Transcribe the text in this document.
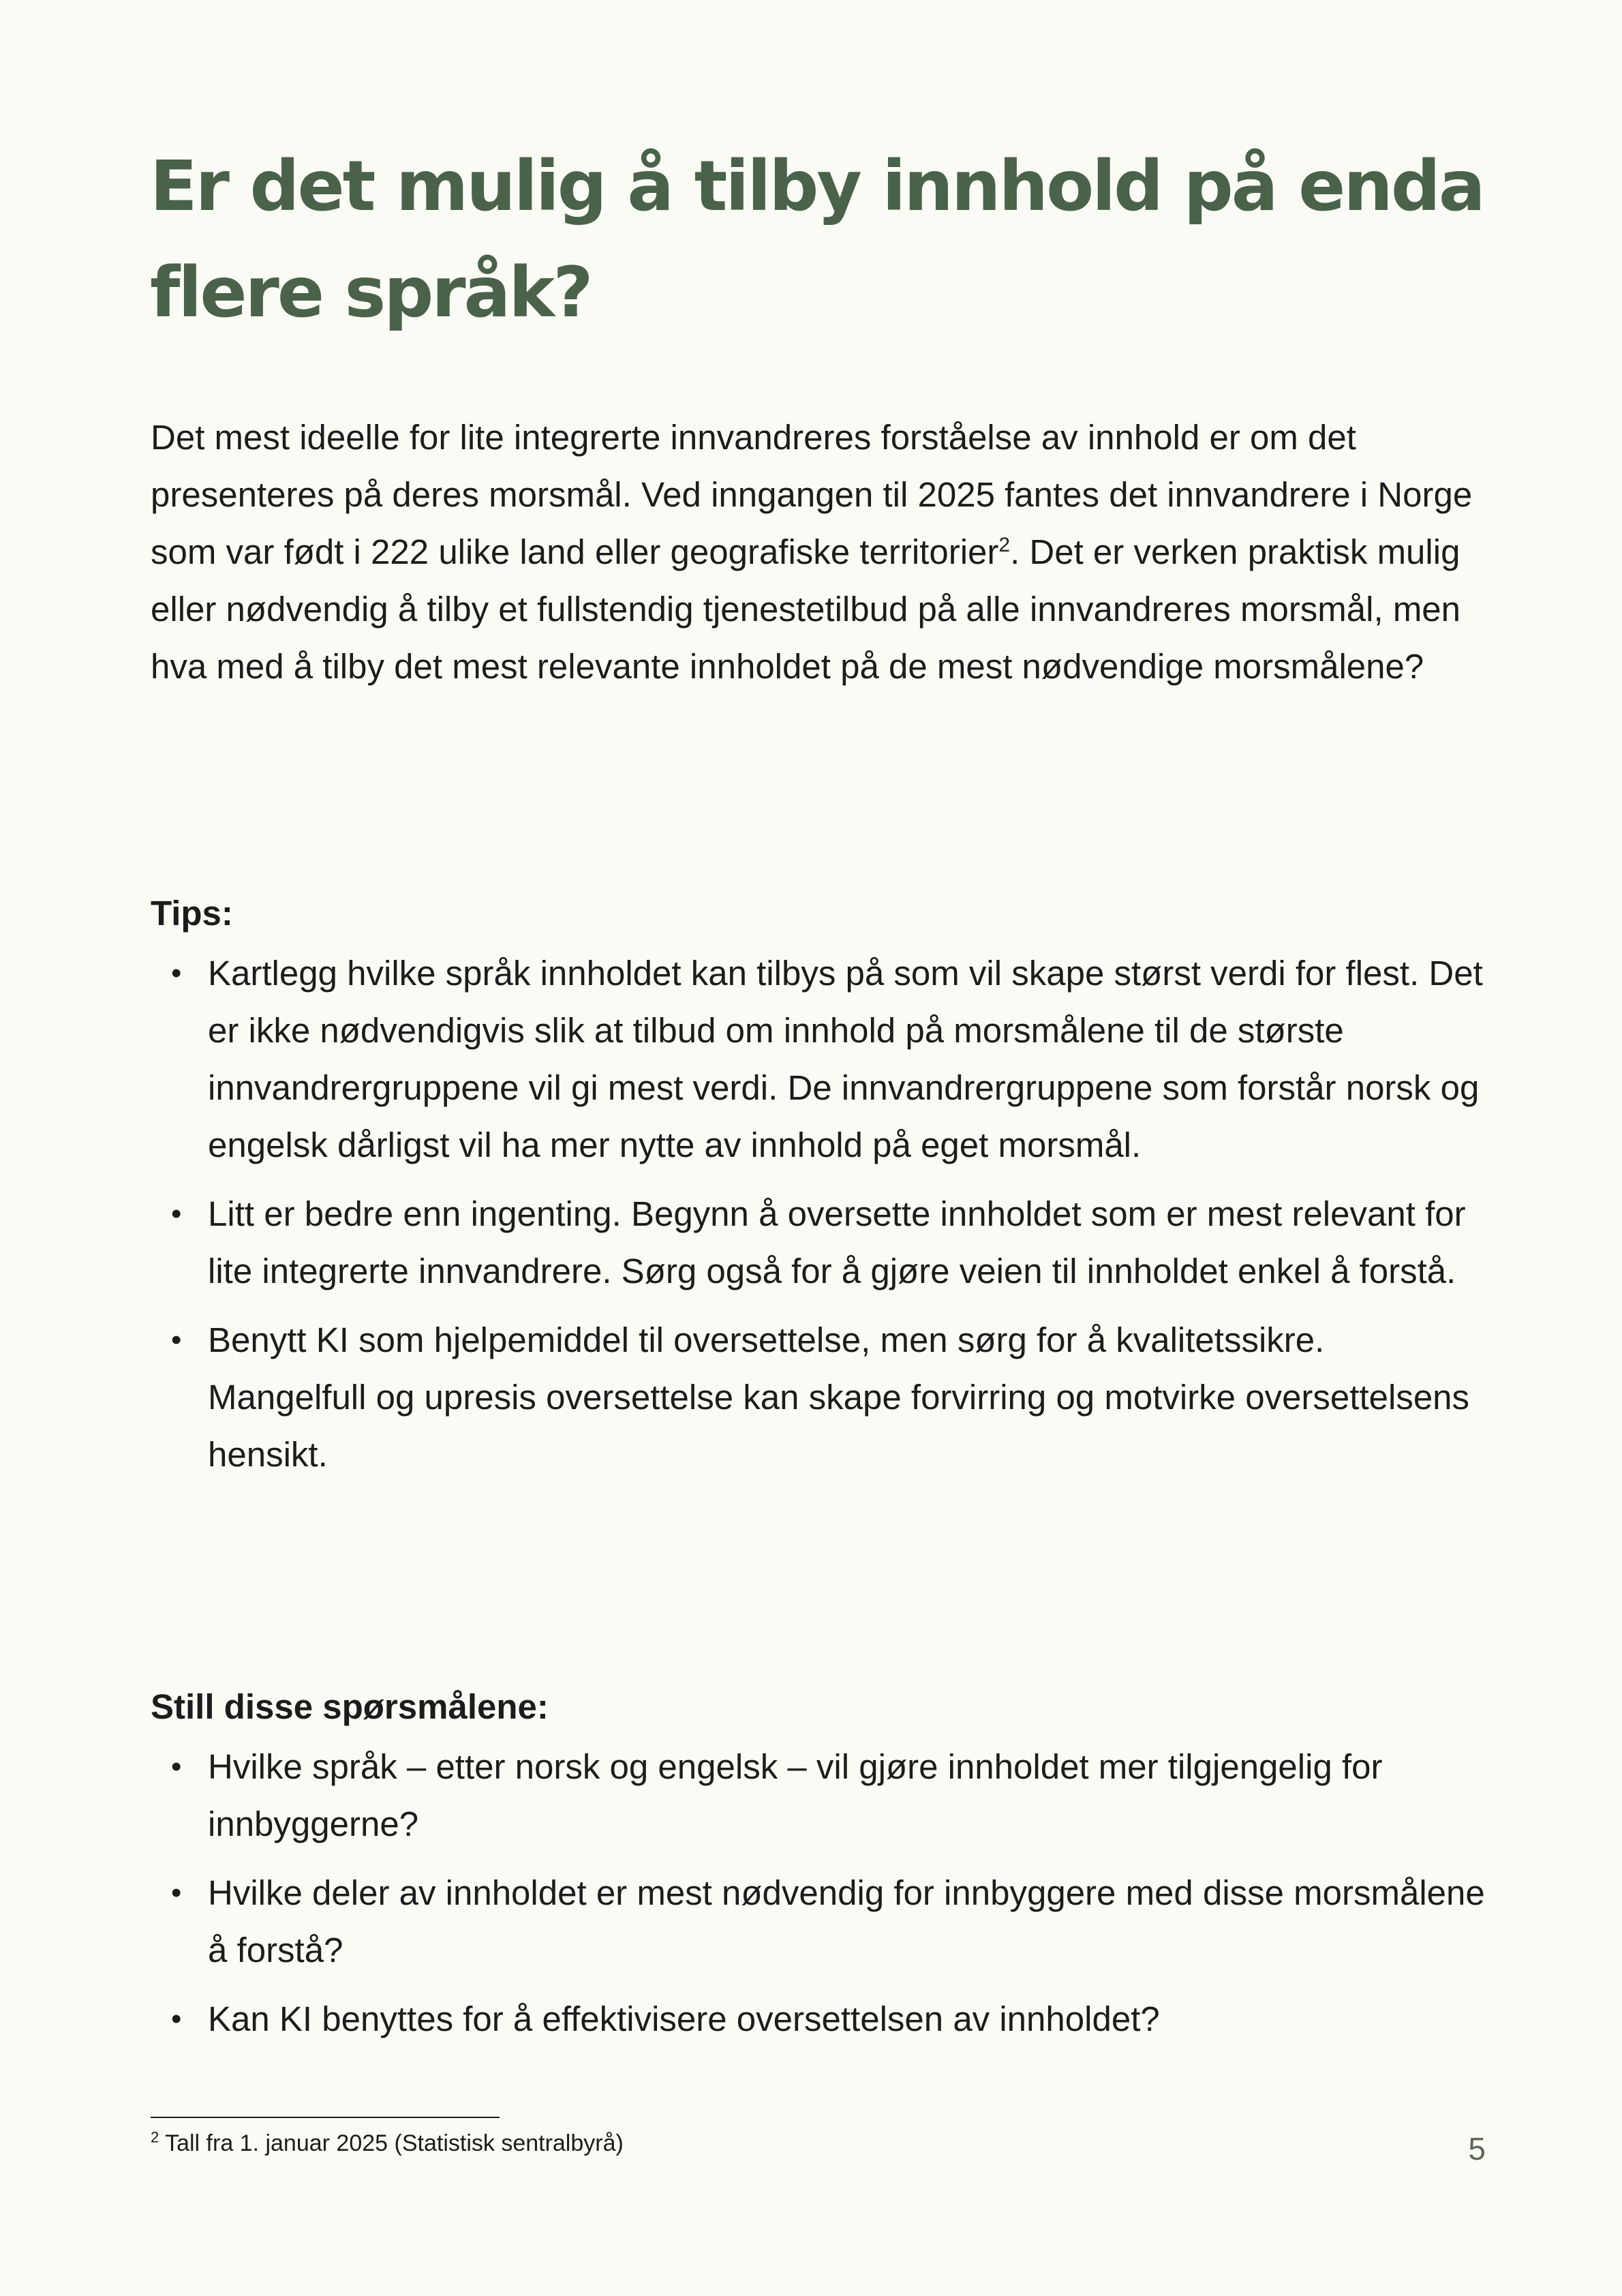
Er det mulig å tilby innhold på enda flere språk?

Det mest ideelle for lite integrerte innvandreres forståelse av innhold er om det presenteres på deres morsmål. Ved inngangen til 2025 fantes det innvandrere i Norge som var født i 222 ulike land eller geografiske territorier$^2$. Det er verken praktisk mulig eller nødvendig å tilby et fullstendig tjenestetilbud på alle innvandreres morsmål, men hva med å tilby det mest relevante innholdet på de mest nødvendige morsmålene?

Tips:
• Kartlegg hvilke språk innholdet kan tilbys på som vil skape størst verdi for flest. Det er ikke nødvendigvis slik at tilbud om innhold på morsmålene til de største innvandrergruppene vil gi mest verdi. De innvandrergruppene som forstår norsk og engelsk dårligst vil ha mer nytte av innhold på eget morsmål.
• Litt er bedre enn ingenting. Begynn å oversette innholdet som er mest relevant for lite integrerte innvandrere. Sørg også for å gjøre veien til innholdet enkel å forstå.
• Benytt KI som hjelpemiddel til oversettelse, men sørg for å kvalitetssikre. Mangelfull og upresis oversettelse kan skape forvirring og motvirke oversettelsens hensikt.
Still disse spørsmålene:
• Hvilke språk – etter norsk og engelsk – vil gjøre innholdet mer tilgjengelig for innbyggerne?
• Hvilke deler av innholdet er mest nødvendig for innbyggere med disse morsmålene å forstå?
• Kan KI benyttes for å effektivisere oversettelsen av innholdet?
$^2$ Tall fra 1. januar 2025 (Statistisk sentralbyrå)	5
